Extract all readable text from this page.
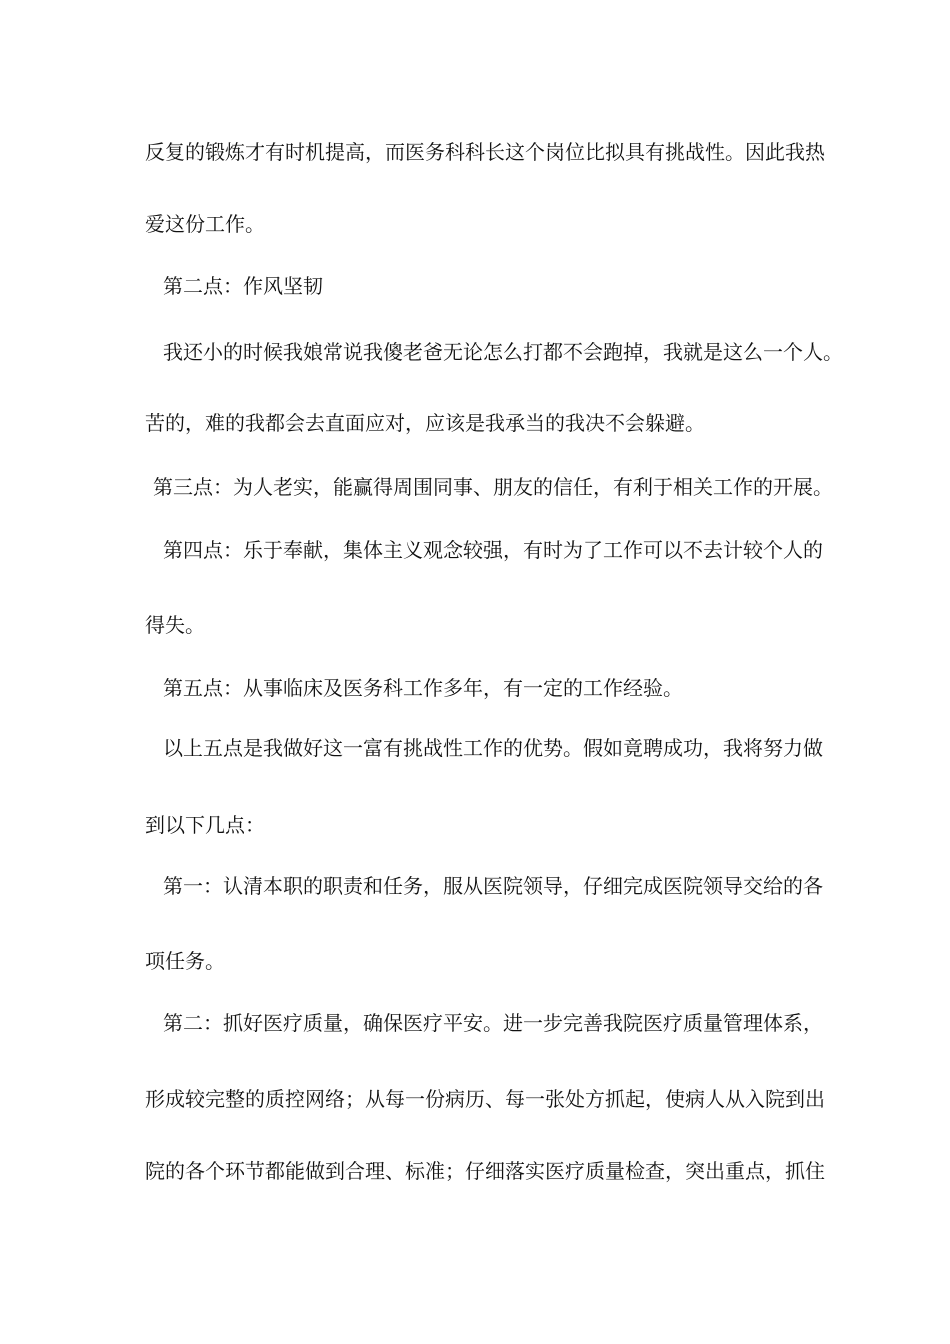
反复的锻炼才有时机提高，而医务科科长这个岗位比拟具有挑战性。因此我热
爱这份工作。
第二点：作风坚韧
我还小的时候我娘常说我傻老爸无论怎么打都不会跑掉，我就是这么一个人。
苦的，难的我都会去直面应对，应该是我承当的我决不会躲避。
第三点：为人老实，能赢得周围同事、朋友的信任，有利于相关工作的开展。
第四点：乐于奉献，集体主义观念较强，有时为了工作可以不去计较个人的
得失。
第五点：从事临床及医务科工作多年，有一定的工作经验。
以上五点是我做好这一富有挑战性工作的优势。假如竟聘成功，我将努力做
到以下几点：
第一：认清本职的职责和任务，服从医院领导，仔细完成医院领导交给的各
项任务。
第二：抓好医疗质量，确保医疗平安。进一步完善我院医疗质量管理体系，
形成较完整的质控网络；从每一份病历、每一张处方抓起，使病人从入院到出
院的各个环节都能做到合理、标准；仔细落实医疗质量检查，突出重点，抓住
